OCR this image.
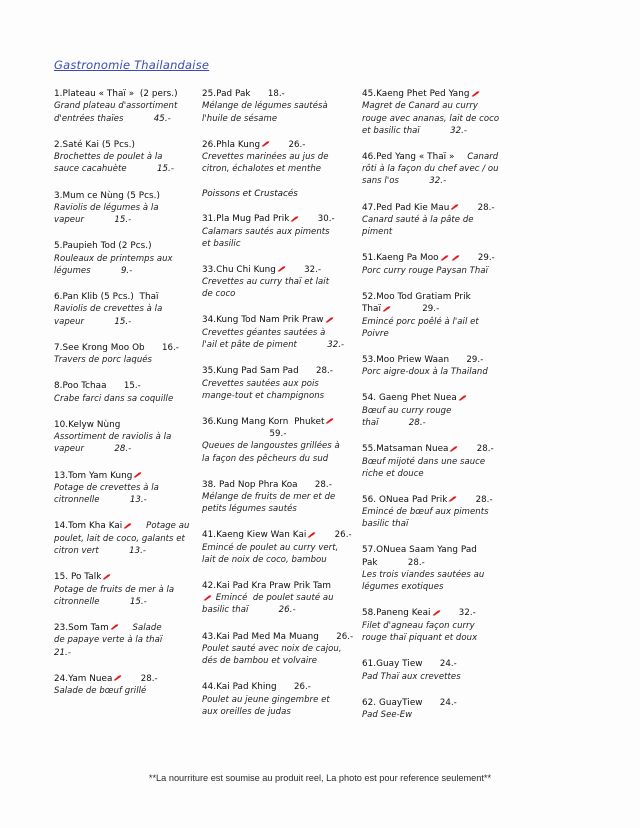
Gastronomie Thailandaise
1.Plateau « Thaï »  (2 pers.)
Grand plateau d'assortiment
d'entrées thaïes    45.-
2.Saté Kai (5 Pcs.)
Brochettes de poulet à la
sauce cacahuète    15.-
3.Mum ce Nùng (5 Pcs.)
Raviolis de légumes à la
vapeur    15.-
5.Paupieh Tod (2 Pcs.)
Rouleaux de printemps aux
légumes    9.-
6.Pan Klib (5 Pcs.)  Thaï
Raviolis de crevettes à la
vapeur    15.-
7.See Krong Moo Ob  16.-
Travers de porc laqués
8.Poo Tchaa  15.-
Crabe farci dans sa coquille
10.Kelyw Nùng
Assortiment de raviolis à la
vapeur    28.-
13.Tom Yam Kung
Potage de crevettes à la
citronnelle    13.-
14.Tom Kha Kai
  Potage au
poulet, lait de coco, galants et
citron vert    13.-
15. Po Talk
Potage de fruits de mer à la
citronnelle    15.-
23.Som Tam
  Salade
de papaye verte à la thaï    21.-
24.Yam Nuea
  28.-
Salade de bœuf grillé
25.Pad Pak  18.-
Mélange de légumes sautésà
l'huile de sésame
26.Phla Kung
  26.-
Crevettes marinées au jus de
citron, échalotes et menthe
Poissons et Crustacés
31.Pla Mug Pad Prik
  30.-
Calamars sautés aux piments
et basilic
33.Chu Chi Kung
  32.-
Crevettes au curry thaï et lait
de coco
34.Kung Tod Nam Prik Praw
Crevettes géantes sautées à
l'ail et pâte de piment    32.-
35.Kung Pad Sam Pad  28.-
Crevettes sautées aux pois
mange-tout et champignons
36.Kung Mang Korn  Phuket
59.-
Queues de langoustes grillées à
la façon des pêcheurs du sud
38. Pad Nop Phra Koa  28.-
Mélange de fruits de mer et de
petits légumes sautés
41.Kaeng Kiew Wan Kai
  26.-
Emincé de poulet au curry vert,
lait de noix de coco, bambou
42.Kai Pad Kra Praw Prik Tam
Emincé  de poulet sauté au
basilic thaï    26.-
43.Kai Pad Med Ma Muang  26.-
Poulet sauté avec noix de cajou,
dés de bambou et volvaire
44.Kai Pad Khing  26.-
Poulet au jeune gingembre et
aux oreilles de judas
45.Kaeng Phet Ped Yang
Magret de Canard au curry
rouge avec ananas, lait de coco
et basilic thaï    32.-
46.Ped Yang « Thaï »  Canard
rôti à la façon du chef avec / ou
sans l'os    32.-
47.Ped Pad Kie Mau
  28.-
Canard sauté à la pâte de
piment
51.Kaeng Pa Moo	  29.-
Porc curry rouge Paysan Thaï
52.Moo Tod Gratiam Prik
Thaï
    29.-
Emincé porc poêlé à l'ail et
Poivre
53.Moo Priew Waan  29.-
Porc aigre-doux à la Thailand
54. Gaeng Phet Nuea
Bœuf au curry rouge
thaï    28.-
55.Matsaman Nuea
  28.-
Bœuf mijoté dans une sauce
riche et douce
56. ONuea Pad Prik
  28.-
Emincé de bœuf aux piments
basilic thaï
57.ONuea Saam Yang Pad
Pak    28.-
Les trois viandes sautées au
légumes exotiques
58.Paneng Keai
  32.-
Filet d'agneau façon curry
rouge thaï piquant et doux
61.Guay Tiew  24.-
Pad Thaï aux crevettes
62. GuayTiew  24.-
Pad See-Ew
**La nourriture est soumise au produit reel, La photo est pour reference seulement**
